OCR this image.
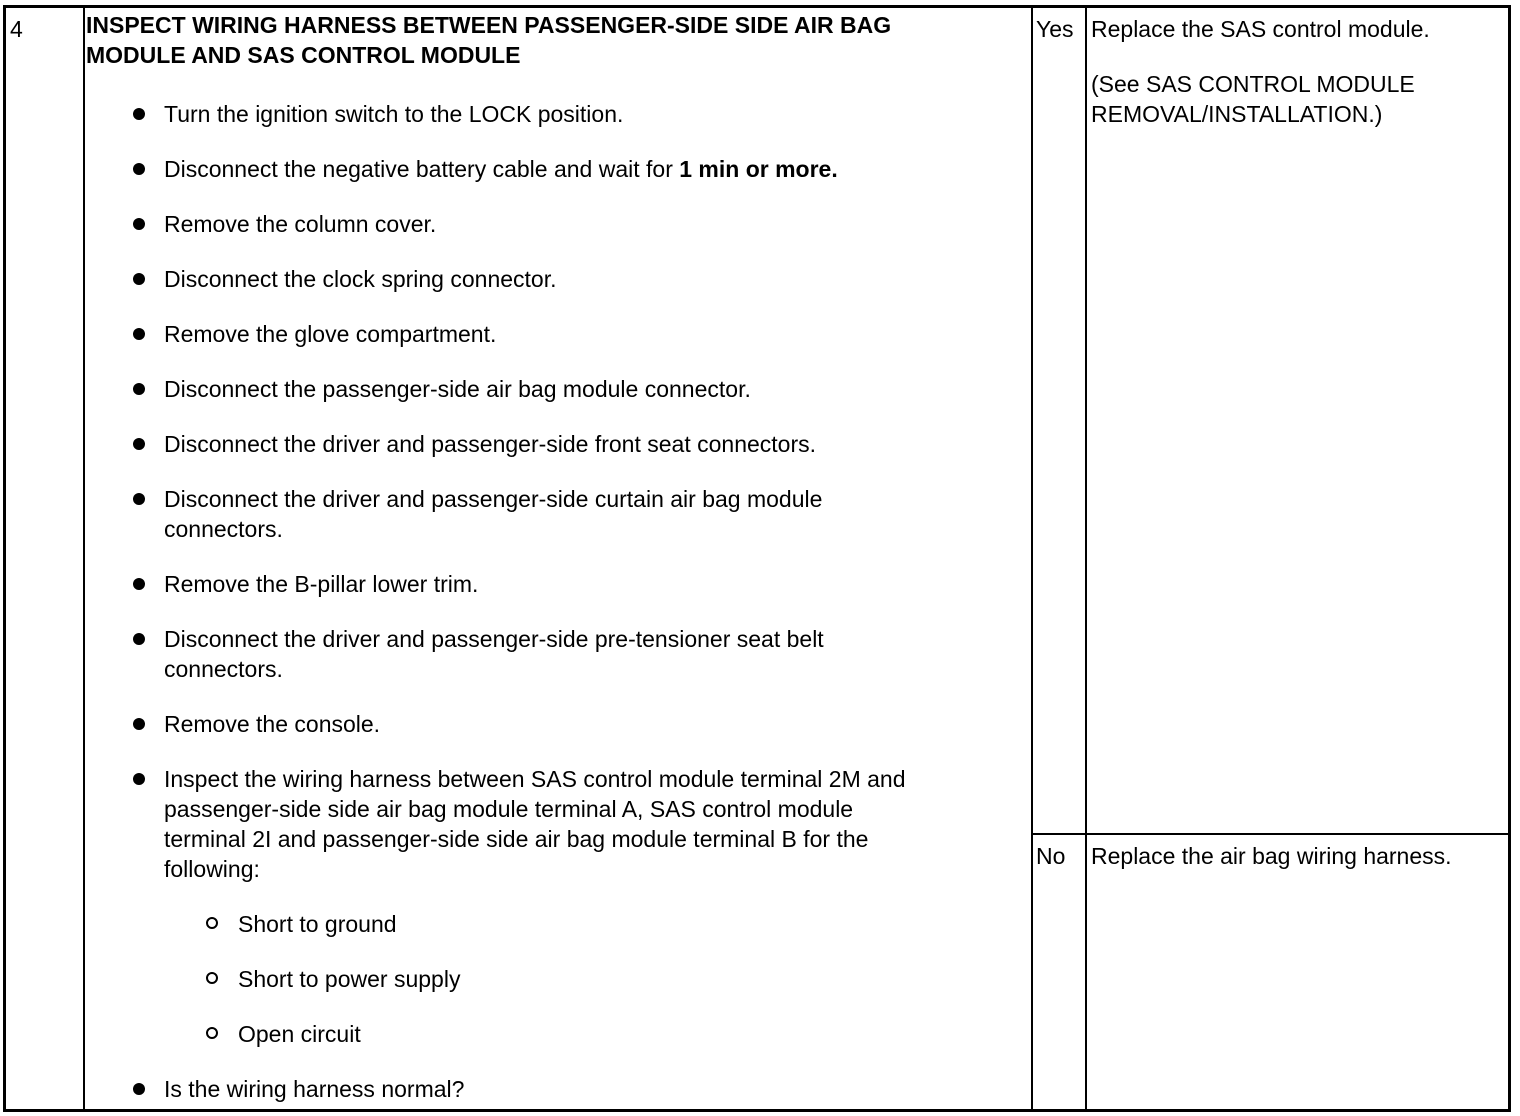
4	INSPECT WIRING HARNESS BETWEEN PASSENGER-SIDE SIDE AIR BAG
MODULE AND SAS CONTROL MODULE
Turn the ignition switch to the LOCK position.
Disconnect the negative battery cable and wait for 1 min or more.
Remove the column cover.
Disconnect the clock spring connector.
Remove the glove compartment.
Disconnect the passenger-side air bag module connector.
Disconnect the driver and passenger-side front seat connectors.
Disconnect the driver and passenger-side curtain air bag module
connectors.
Remove the B-pillar lower trim.
Disconnect the driver and passenger-side pre-tensioner seat belt
connectors.
Remove the console.
Inspect the wiring harness between SAS control module terminal 2M and
passenger-side side air bag module terminal A, SAS control module
terminal 2I and passenger-side side air bag module terminal B for the
following:
Short to ground
Short to power supply
Open circuit
Is the wiring harness normal?
Yes Replace the SAS control module.
(See SAS CONTROL MODULE
REMOVAL/INSTALLATION.)
No Replace the air bag wiring harness.
